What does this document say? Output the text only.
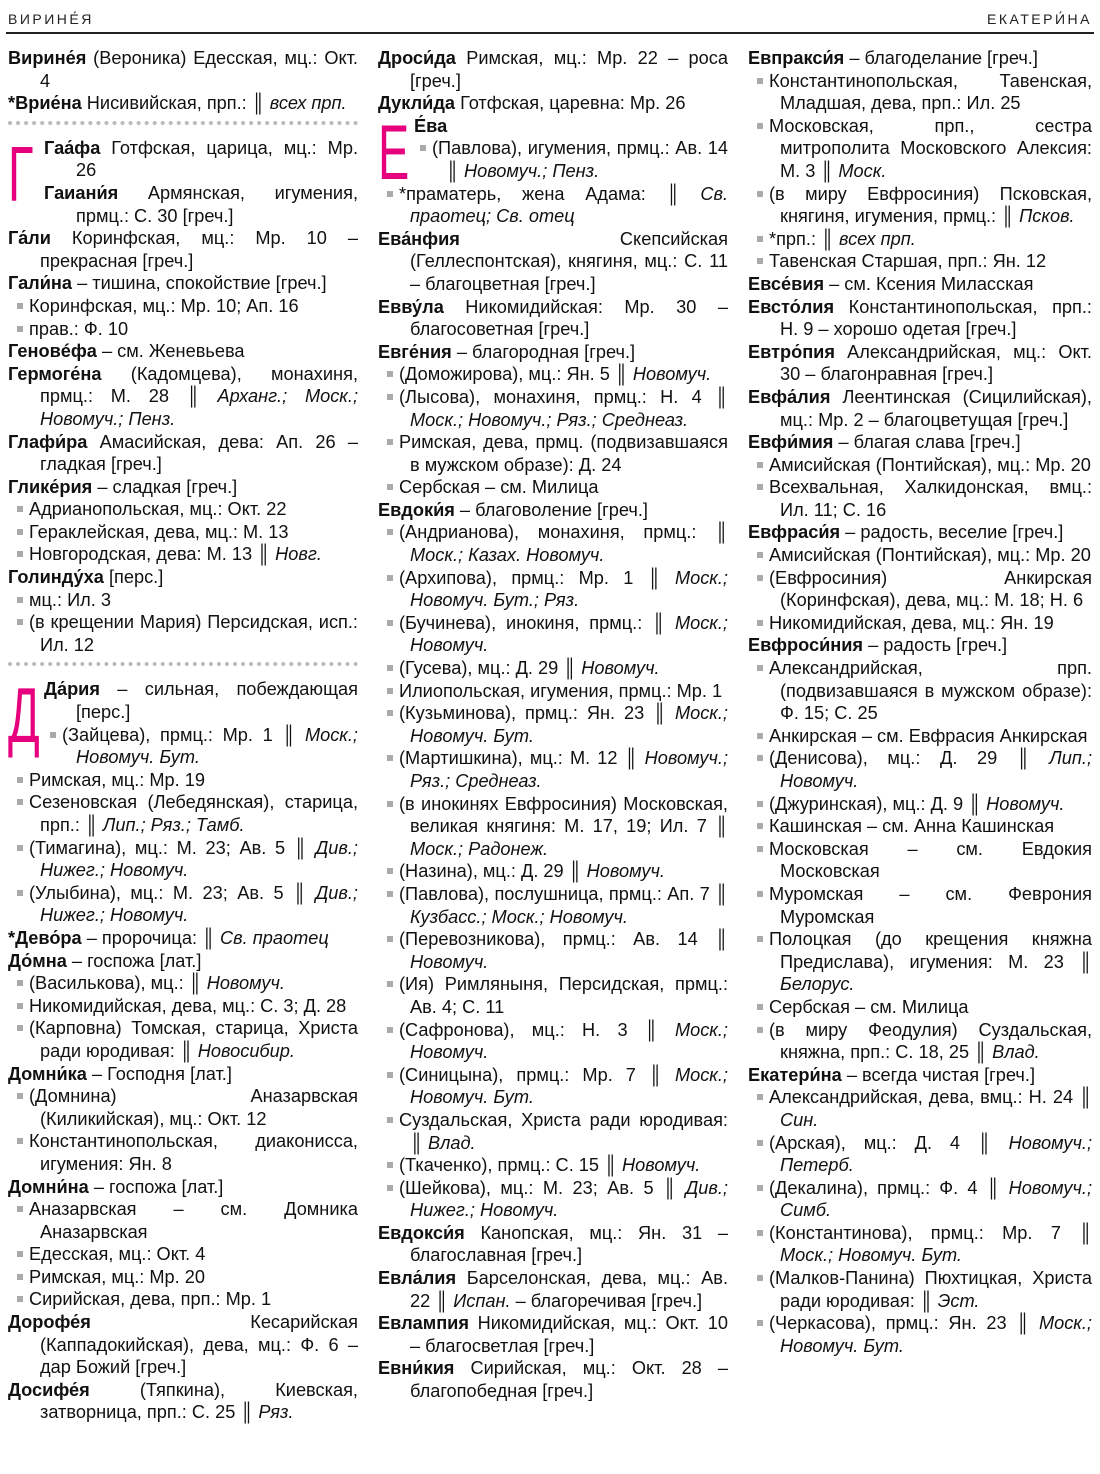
ВИРИНЕ́Я	ЕКАТЕРИ́НА
Вирине́я (Вероника) Едесская, мц.: Окт. 4
*Врие́на Нисивийская, прп.: ║ всех прп.
Г Гаа́фа Готфская, царица, мц.: Мр. 26
Гаиани́я Армянская, игумения, прмц.: С. 30 [греч.]
Га́ли Коринфская, мц.: Мр. 10 – прекрасная [греч.]
Гали́на – тишина, спокойствие [греч.]
Коринфская, мц.: Мр. 10; Ап. 16
прав.: Ф. 10
Геновéфа – см. Женевьева
Гермоге́на (Кадомцева), монахиня, прмц.: М. 28 ║ Арханг.; Моск.; Новомуч.; Пенз.
Глафи́ра Амасийская, дева: Ап. 26 – гладкая [греч.]
Глике́рия – сладкая [греч.]
Адрианопольская, мц.: Окт. 22
Гераклейская, дева, мц.: М. 13
Новгородская, дева: М. 13 ║ Новг.
Голинду́ха [перс.]
мц.: Ил. 3
(в крещении Мария) Персидская, исп.: Ил. 12
Д Да́рия – сильная, побеждающая [перс.]
(Зайцева), прмц.: Мр. 1 ║ Моск.; Новомуч. Бут.
Римская, мц.: Мр. 19
Сезеновская (Лебедянская), старица, прп.: ║ Лип.; Ряз.; Тамб.
(Тимагина), мц.: М. 23; Ав. 5 ║ Див.; Нижег.; Новомуч.
(Улыбина), мц.: М. 23; Ав. 5 ║ Див.; Нижег.; Новомуч.
*Дево́ра – пророчица: ║ Св. праотец
До́мна – госпожа [лат.]
(Василькова), мц.: ║ Новомуч.
Никомидийская, дева, мц.: С. 3; Д. 28
(Карповна) Томская, старица, Христа ради юродивая: ║ Новосибир.
Домни́ка – Господня [лат.]
(Домнина) Аназарвская (Киликийская), мц.: Окт. 12
Константинопольская, диаконисса, игумения: Ян. 8
Домни́на – госпожа [лат.]
Аназарвская – см. Домника Аназарвская
Едесская, мц.: Окт. 4
Римская, мц.: Мр. 20
Сирийская, дева, прп.: Мр. 1
Дорофе́я Кесарийская (Каппадокийская), дева, мц.: Ф. 6 – дар Божий [греч.]
Досифе́я (Тяпкина), Киевская, затворница, прп.: С. 25 ║ Ряз.
Дроси́да Римская, мц.: Мр. 22 – роса [греч.]
Дукли́да Готфская, царевна: Мр. 26
Е Е́ва
(Павлова), игумения, прмц.: Ав. 14 ║ Новомуч.; Пенз.
*праматерь, жена Адама: ║ Св. праотец; Св. отец
Ева́нфия Скепсийская (Геллеспонтская), княгиня, мц.: С. 11 – благоцветная [греч.]
Евву́ла Никомидийская: Мр. 30 – благосоветная [греч.]
Евге́ния – благородная [греч.]
(Доможирова), мц.: Ян. 5 ║ Новомуч.
(Лысова), монахиня, прмц.: Н. 4 ║ Моск.; Новомуч.; Ряз.; Среднеаз.
Римская, дева, прмц. (подвизавшаяся в мужском образе): Д. 24
Сербская – см. Милица
Евдоки́я – благоволение [греч.]
(Андрианова), монахиня, прмц.: ║ Моск.; Казах. Новомуч.
(Архипова), прмц.: Мр. 1 ║ Моск.; Новомуч. Бут.; Ряз.
(Бучинева), инокиня, прмц.: ║ Моск.; Новомуч.
(Гусева), мц.: Д. 29 ║ Новомуч.
Илиопольская, игумения, прмц.: Мр. 1
(Кузьминова), прмц.: Ян. 23 ║ Моск.; Новомуч. Бут.
(Мартишкина), мц.: М. 12 ║ Новомуч.; Ряз.; Среднеаз.
(в инокинях Евфросиния) Московская, великая княгиня: М. 17, 19; Ил. 7 ║ Моск.; Радонеж.
(Назина), мц.: Д. 29 ║ Новомуч.
(Павлова), послушница, прмц.: Ап. 7 ║ Кузбасс.; Моск.; Новомуч.
(Перевозникова), прмц.: Ав. 14 ║ Новомуч.
(Ия) Римляныня, Персидская, прмц.: Ав. 4; С. 11
(Сафронова), мц.: Н. 3 ║ Моск.; Новомуч.
(Синицына), прмц.: Мр. 7 ║ Моск.; Новомуч. Бут.
Суздальская, Христа ради юродивая: ║ Влад.
(Ткаченко), прмц.: С. 15 ║ Новомуч.
(Шейкова), мц.: М. 23; Ав. 5 ║ Див.; Нижег.; Новомуч.
Евдокси́я Канопская, мц.: Ян. 31 – благославная [греч.]
Евла́лия Барселонская, дева, мц.: Ав. 22 ║ Испан. – благоречивая [греч.]
Евлампия Никомидийская, мц.: Окт. 10 – благосветлая [греч.]
Евни́кия Сирийская, мц.: Окт. 28 – благопобедная [греч.]
Евпракси́я – благоделание [греч.]
Константинопольская, Тавенская, Младшая, дева, прп.: Ил. 25
Московская, прп., сестра митрополита Московского Алексия: М. 3 ║ Моск.
(в миру Евфросиния) Псковская, княгиня, игумения, прмц.: ║ Псков.
*прп.: ║ всех прп.
Тавенская Старшая, прп.: Ян. 12
Евсе́вия – см. Ксения Миласская
Евсто́лия Константинопольская, прп.: Н. 9 – хорошо одетая [греч.]
Евтро́пия Александрийская, мц.: Окт. 30 – благонравная [греч.]
Евфа́лия Леентинская (Сицилийская), мц.: Мр. 2 – благоцветущая [греч.]
Евфи́мия – благая слава [греч.]
Амисийская (Понтийская), мц.: Мр. 20
Всехвальная, Халкидонская, вмц.: Ил. 11; С. 16
Евфраси́я – радость, веселие [греч.]
Амисийская (Понтийская), мц.: Мр. 20
(Евфросиния) Анкирская (Коринфская), дева, мц.: М. 18; Н. 6
Никомидийская, дева, мц.: Ян. 19
Евфроси́ния – радость [греч.]
Александрийская, прп. (подвизавшаяся в мужском образе): Ф. 15; С. 25
Анкирская – см. Евфрасия Анкирская
(Денисова), мц.: Д. 29 ║ Лип.; Новомуч.
(Джуринская), мц.: Д. 9 ║ Новомуч.
Кашинская – см. Анна Кашинская
Московская – см. Евдокия Московская
Муромская – см. Феврония Муромская
Полоцкая (до крещения княжна Предислава), игумения: М. 23 ║ Белорус.
Сербская – см. Милица
(в миру Феодулия) Суздальская, княжна, прп.: С. 18, 25 ║ Влад.
Екатери́на – всегда чистая [греч.]
Александрийская, дева, вмц.: Н. 24 ║ Син.
(Арская), мц.: Д. 4 ║ Новомуч.; Петерб.
(Декалина), прмц.: Ф. 4 ║ Новомуч.; Симб.
(Константинова), прмц.: Мр. 7 ║ Моск.; Новомуч. Бут.
(Малков-Панина) Пюхтицкая, Христа ради юродивая: ║ Эст.
(Черкасова), прмц.: Ян. 23 ║ Моск.; Новомуч. Бут.
